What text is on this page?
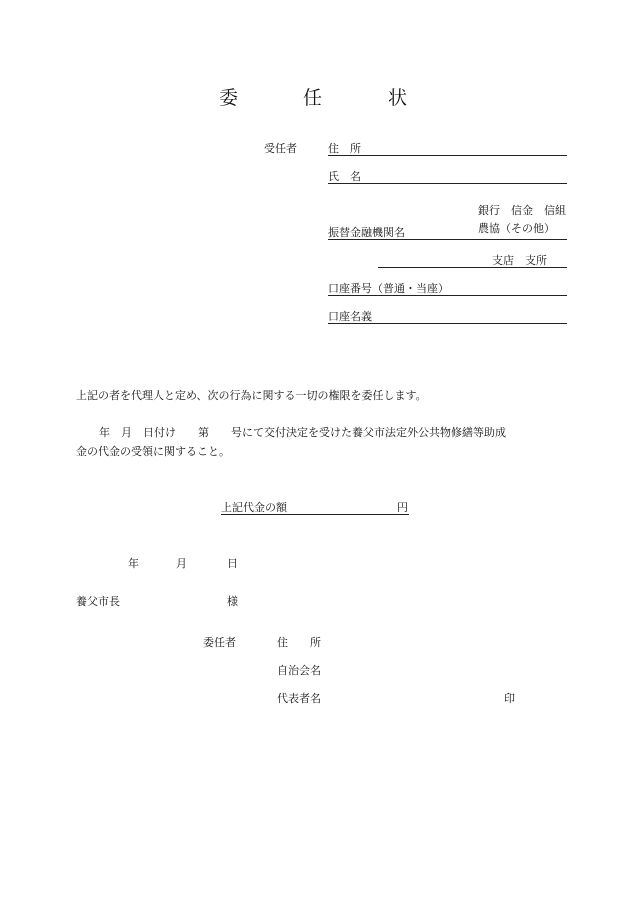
委	任	状
受任者	住　所
氏　名
銀行　信金　信組
振替金融機関名	農協（その他）
支店　支所
口座番号（普通・当座）
口座名義
上記の者を代理人と定め、次の行為に関する一切の権限を委任します。
年　月　日付け　　第　　号にて交付決定を受けた養父市法定外公共物修繕等助成
金の代金の受領に関すること。
上記代金の額	円
年	月	日
養父市長	様
委任者	住　　所
自治会名
代表者名	印
